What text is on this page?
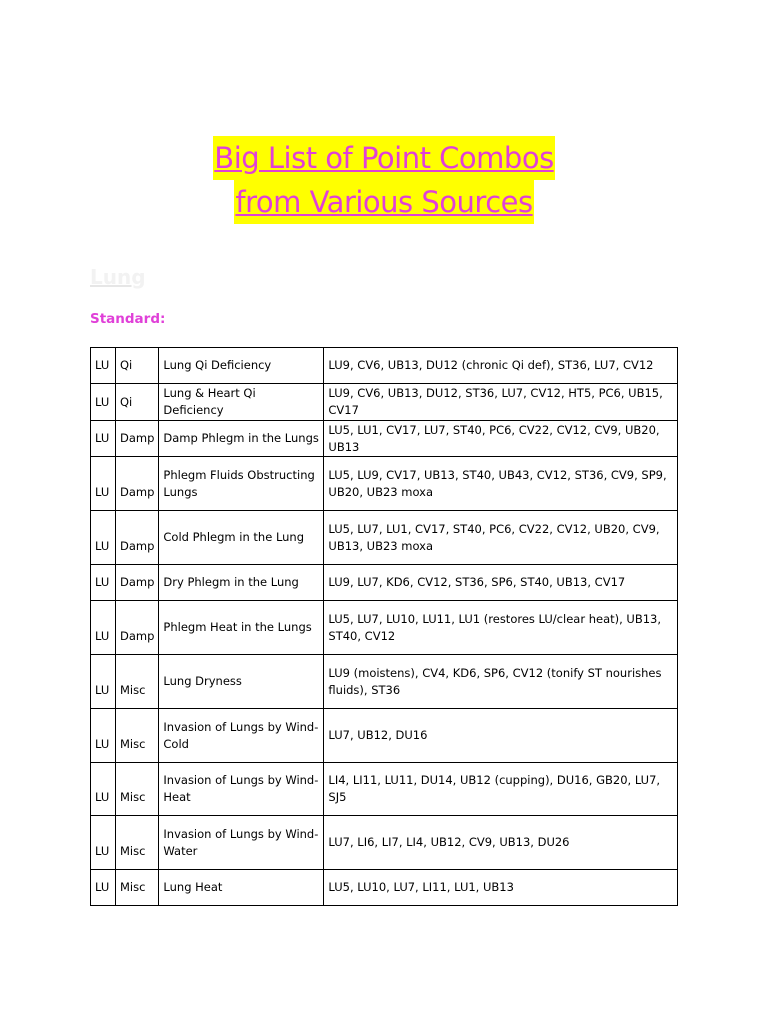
Big List of Point Combos
from Various Sources
Lung
Standard:
LU	Qi	Lung Qi Deficiency	LU9, CV6, UB13, DU12 (chronic Qi def), ST36, LU7, CV12
LU	Qi	Lung & Heart Qi Deficiency	LU9, CV6, UB13, DU12, ST36, LU7, CV12, HT5, PC6, UB15, CV17
LU	Damp	Damp Phlegm in the Lungs	LU5, LU1, CV17, LU7, ST40, PC6, CV22, CV12, CV9, UB20, UB13
LU	Damp	Phlegm Fluids Obstructing Lungs	LU5, LU9, CV17, UB13, ST40, UB43, CV12, ST36, CV9, SP9, UB20, UB23 moxa
LU	Damp	Cold Phlegm in the Lung	LU5, LU7, LU1, CV17, ST40, PC6, CV22, CV12, UB20, CV9, UB13, UB23 moxa
LU	Damp	Dry Phlegm in the Lung	LU9, LU7, KD6, CV12, ST36, SP6, ST40, UB13, CV17
LU	Damp	Phlegm Heat in the Lungs	LU5, LU7, LU10, LU11, LU1 (restores LU/clear heat), UB13, ST40, CV12
LU	Misc	Lung Dryness	LU9 (moistens), CV4, KD6, SP6, CV12 (tonify ST nourishes fluids), ST36
LU	Misc	Invasion of Lungs by Wind-Cold	LU7, UB12, DU16
LU	Misc	Invasion of Lungs by Wind-Heat	LI4, LI11, LU11, DU14, UB12 (cupping), DU16, GB20, LU7, SJ5
LU	Misc	Invasion of Lungs by Wind-Water	LU7, LI6, LI7, LI4, UB12, CV9, UB13, DU26
LU	Misc	Lung Heat	LU5, LU10, LU7, LI11, LU1, UB13
